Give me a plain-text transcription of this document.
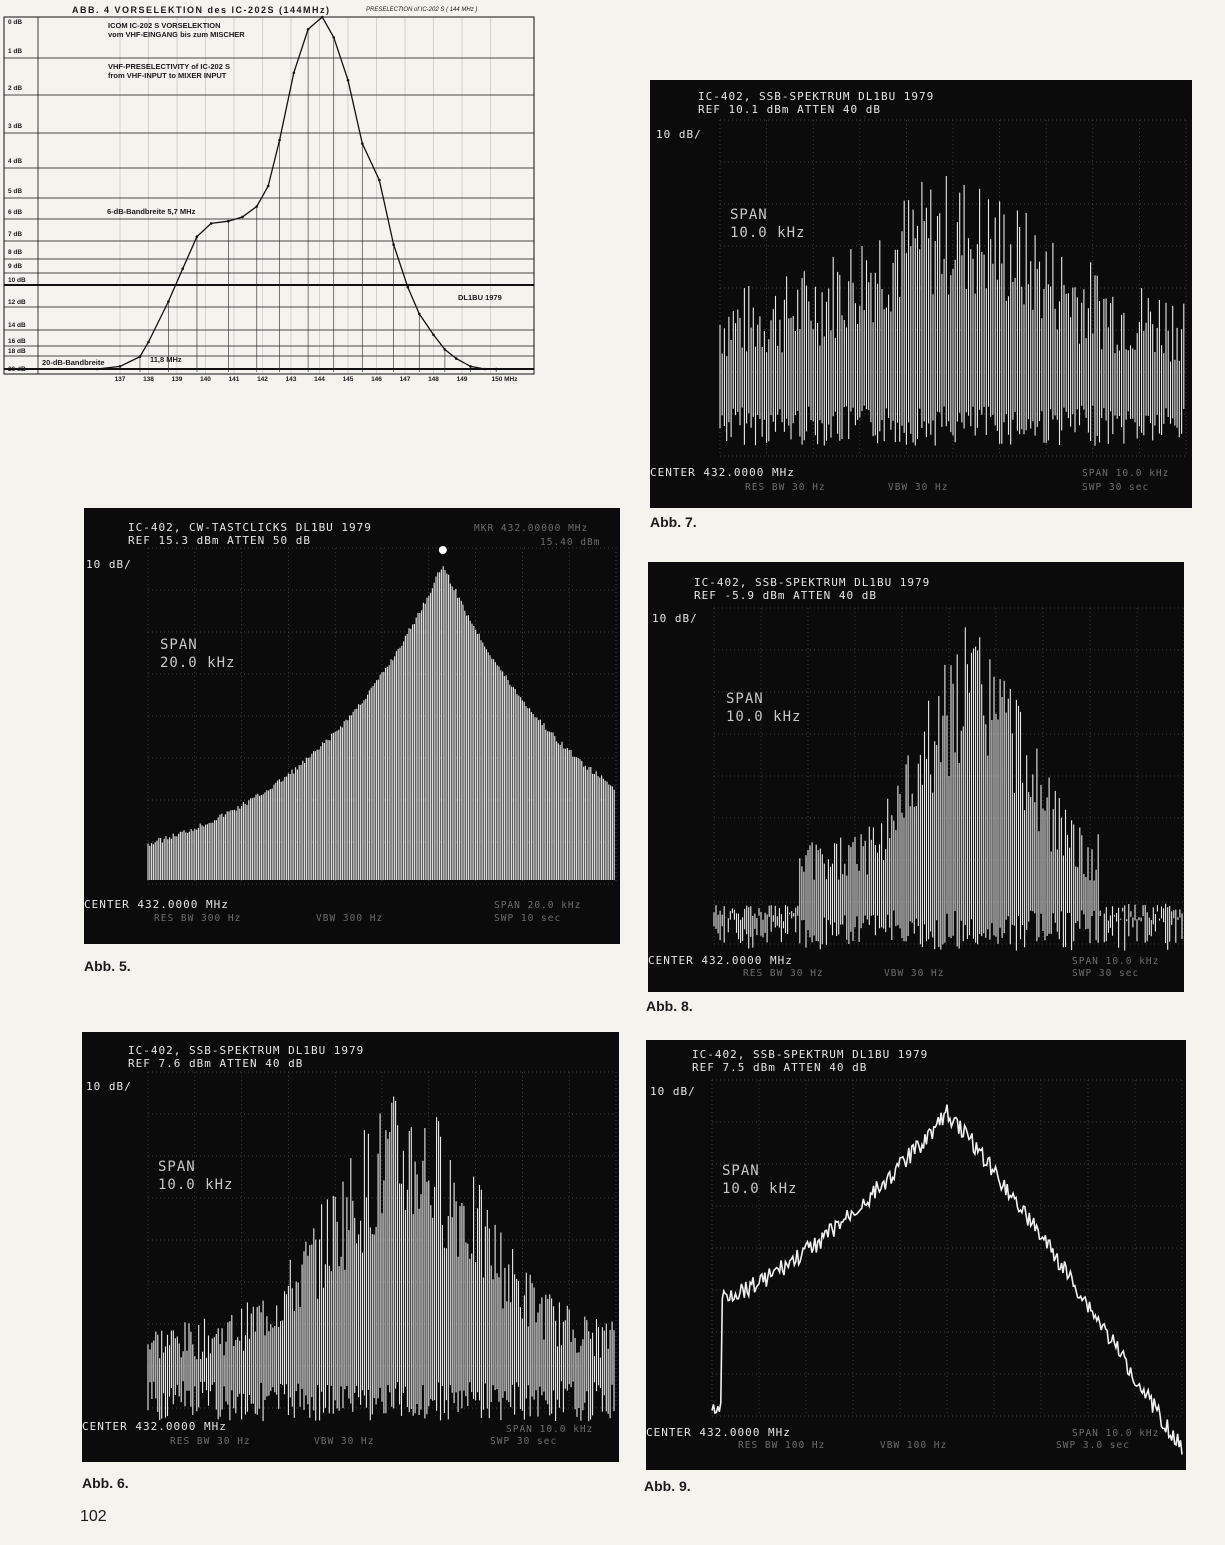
ABB. 4 VORSELEKTION des IC-202S (144MHz)	PRESELECTION of IC-202 S ( 144 MHz )
ICOM IC-202 S VORSELEKTION
vom VHF-EINGANG bis zum MISCHER
VHF-PRESELECTIVITY of IC-202 S
from VHF-INPUT to MIXER INPUT
6-dB-Bandbreite 5,7 MHz
20-dB-Bandbreite	11,8 MHz
DL1BU 1979
0 dB
1 dB
2 dB
3 dB
4 dB
5 dB
6 dB
7 dB
8 dB
9 dB
10 dB
12 dB
14 dB
16 dB
18 dB
20 dB
137	138	139	140	141	142	143	144	145	146	147	148	149	150 MHz
IC-402, SSB-SPEKTRUM DL1BU 1979
REF 10.1 dBm ATTEN 40 dB
10 dB/
SPAN
10.0 kHz
CENTER 432.0000 MHz
RES BW 30 Hz	VBW 30 Hz
SPAN 10.0 kHz
SWP 30 sec
Abb. 7.
IC-402, CW-TASTCLICKS DL1BU 1979
REF 15.3 dBm ATTEN 50 dB
MKR 432.00000 MHz
15.40 dBm
10 dB/
SPAN
20.0 kHz
CENTER 432.0000 MHz
RES BW 300 Hz	VBW 300 Hz
SPAN 20.0 kHz
SWP 10 sec
Abb. 5.
IC-402, SSB-SPEKTRUM DL1BU 1979
REF -5.9 dBm ATTEN 40 dB
10 dB/
SPAN
10.0 kHz
CENTER 432.0000 MHz
RES BW 30 Hz	VBW 30 Hz
SPAN 10.0 kHz
SWP 30 sec
Abb. 8.
IC-402, SSB-SPEKTRUM DL1BU 1979
REF 7.6 dBm ATTEN 40 dB
10 dB/
SPAN
10.0 kHz
CENTER 432.0000 MHz
RES BW 30 Hz	VBW 30 Hz
SPAN 10.0 kHz
SWP 30 sec
Abb. 6.
IC-402, SSB-SPEKTRUM DL1BU 1979
REF 7.5 dBm ATTEN 40 dB
10 dB/
SPAN
10.0 kHz
CENTER 432.0000 MHz
RES BW 100 Hz	VBW 100 Hz
SPAN 10.0 kHz
SWP 3.0 sec
Abb. 9.
102
